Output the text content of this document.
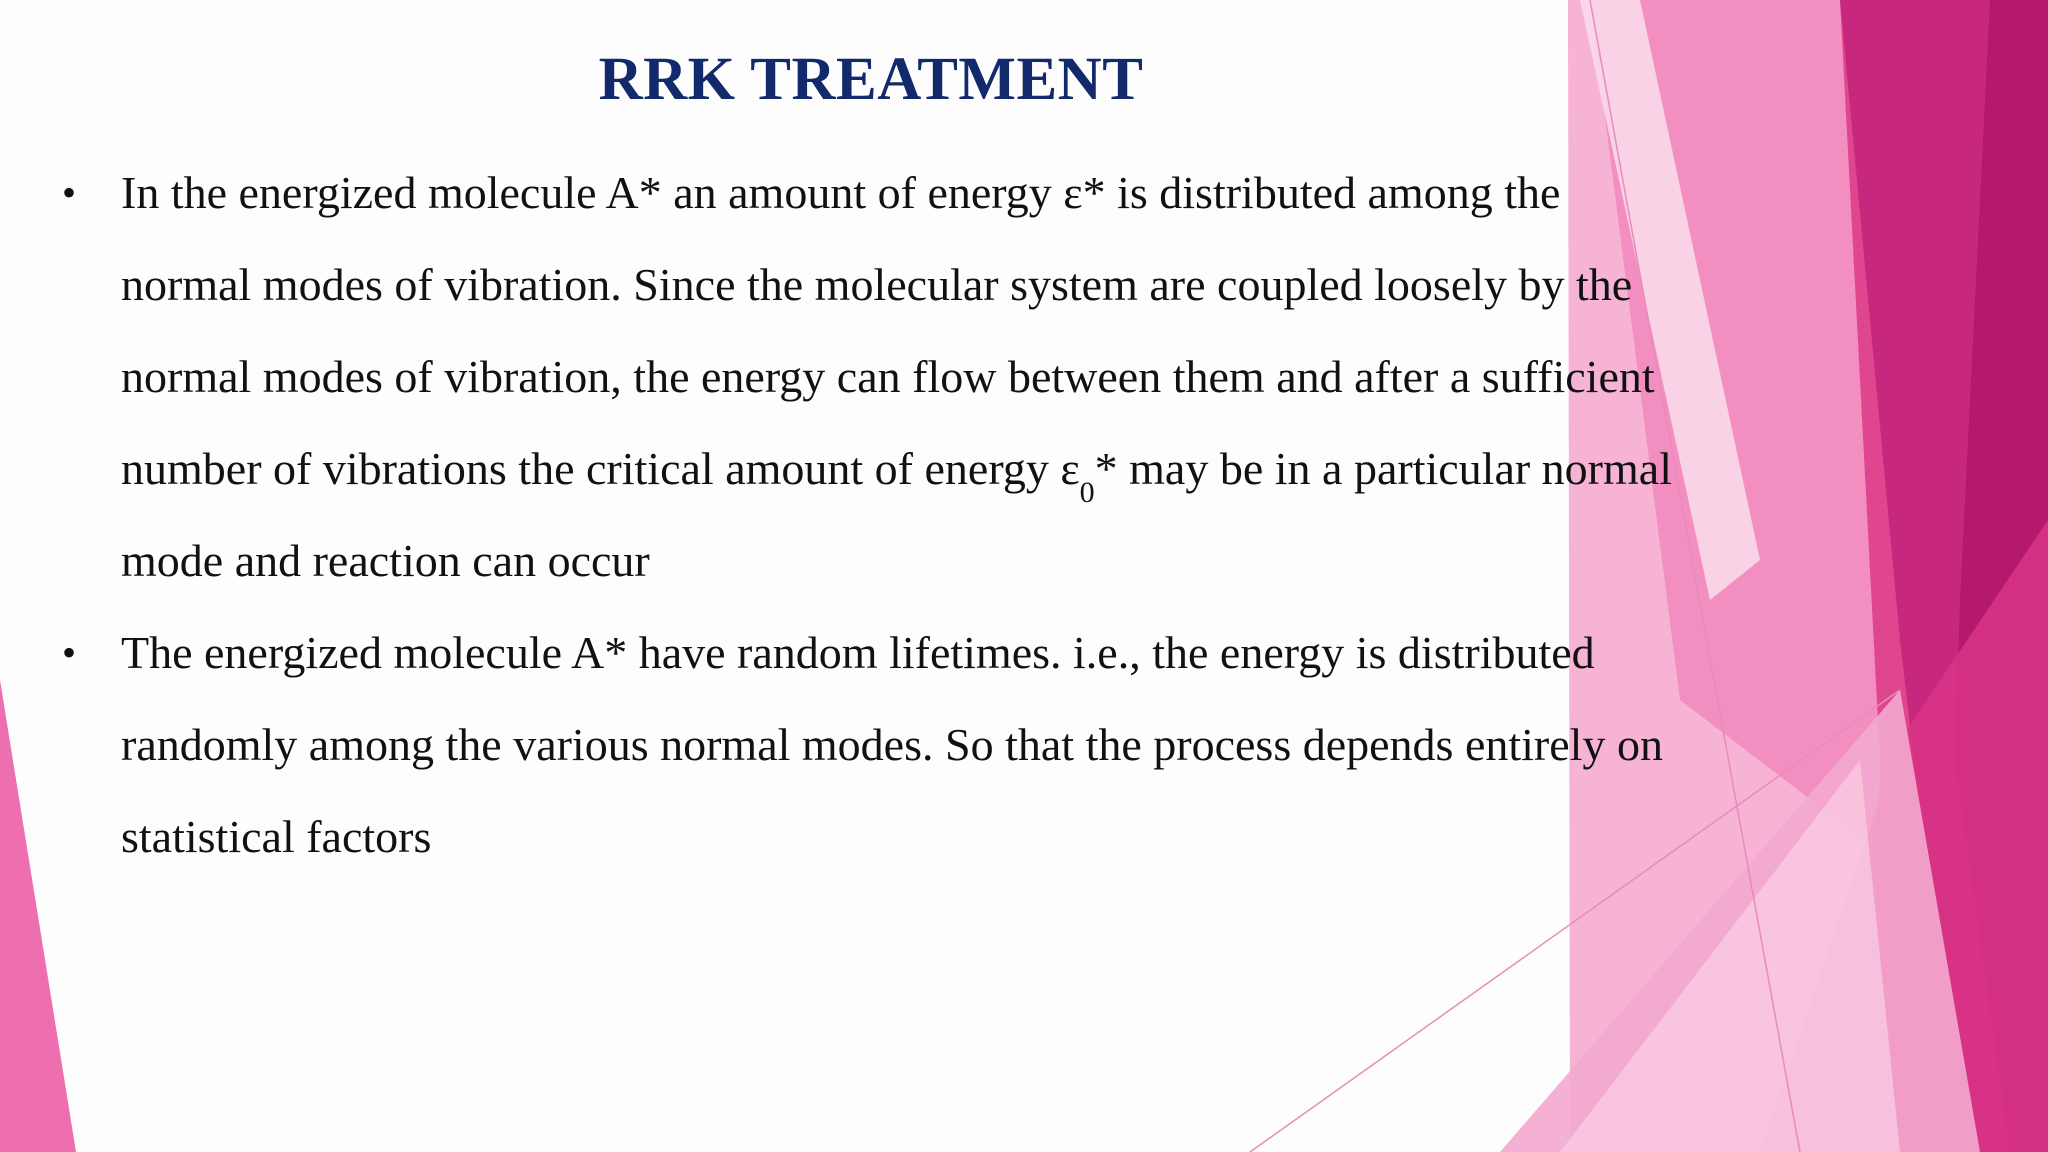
RRK TREATMENT
• In the energized molecule A* an amount of energy ε* is distributed among the
normal modes of vibration. Since the molecular system are coupled loosely by the
normal modes of vibration, the energy can flow between them and after a sufficient
number of vibrations the critical amount of energy $\varepsilon_0*$ may be in a particular normal
mode and reaction can occur
• The energized molecule A* have random lifetimes. i.e., the energy is distributed
randomly among the various normal modes. So that the process depends entirely on
statistical factors
